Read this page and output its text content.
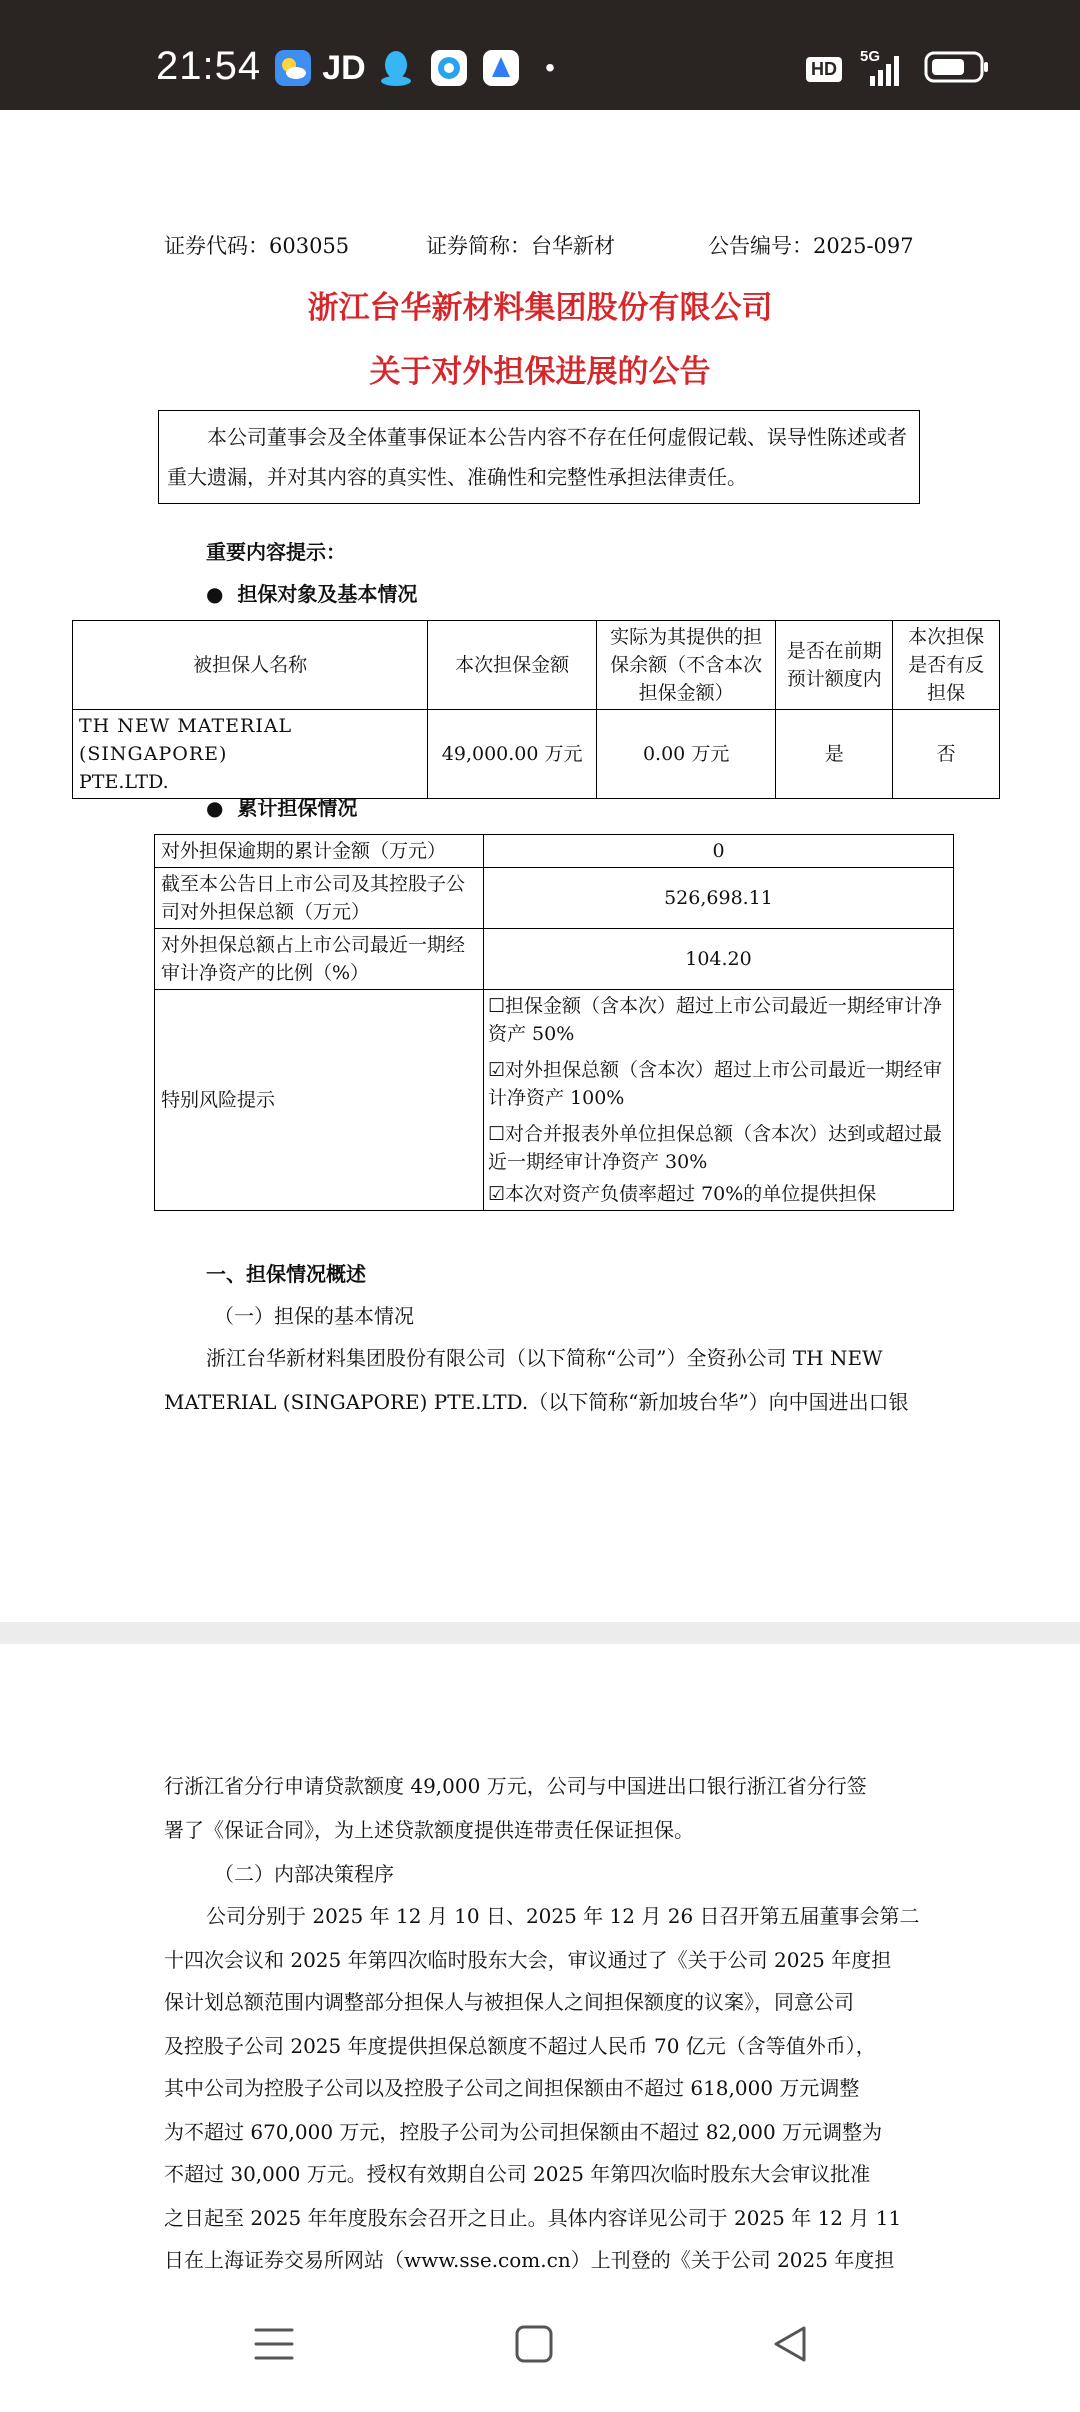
21:54 JD	•	HD
5G
证券代码：603055	证券简称：台华新材	公告编号：2025-097
浙江台华新材料集团股份有限公司
关于对外担保进展的公告
本公司董事会及全体董事保证本公告内容不存在任何虚假记载、误导性陈述或者重大遗漏，并对其内容的真实性、准确性和完整性承担法律责任。
重要内容提示：
●  担保对象及基本情况
被担保人名称	本次担保金额	实际为其提供的担保余额（不含本次担保金额）	是否在前期预计额度内	本次担保是否有反担保

TH NEW MATERIAL (SINGAPORE)
PTE.LTD.	49,000.00 万元	0.00 万元	是	否
●  累计担保情况
对外担保逾期的累计金额（万元）	0
截至本公告日上市公司及其控股子公司对外担保总额（万元）	526,698.11
对外担保总额占上市公司最近一期经审计净资产的比例（%）	104.20
特别风险提示	☐担保金额（含本次）超过上市公司最近一期经审计净资产 50%
☑对外担保总额（含本次）超过上市公司最近一期经审计净资产 100%
☐对合并报表外单位担保总额（含本次）达到或超过最近一期经审计净资产 30%
☑本次对资产负债率超过 70%的单位提供担保
一、担保情况概述
（一）担保的基本情况
浙江台华新材料集团股份有限公司（以下简称“公司”）全资孙公司 TH NEW
MATERIAL (SINGAPORE) PTE.LTD.（以下简称“新加坡台华”）向中国进出口银
行浙江省分行申请贷款额度 49,000 万元，公司与中国进出口银行浙江省分行签
署了《保证合同》，为上述贷款额度提供连带责任保证担保。
（二）内部决策程序
公司分别于 2025 年 12 月 10 日、2025 年 12 月 26 日召开第五届董事会第二
十四次会议和 2025 年第四次临时股东大会，审议通过了《关于公司 2025 年度担
保计划总额范围内调整部分担保人与被担保人之间担保额度的议案》，同意公司
及控股子公司 2025 年度提供担保总额度不超过人民币 70 亿元（含等值外币），
其中公司为控股子公司以及控股子公司之间担保额由不超过 618,000 万元调整
为不超过 670,000 万元，控股子公司为公司担保额由不超过 82,000 万元调整为
不超过 30,000 万元。授权有效期自公司 2025 年第四次临时股东大会审议批准
之日起至 2025 年年度股东会召开之日止。具体内容详见公司于 2025 年 12 月 11
日在上海证券交易所网站（www.sse.com.cn）上刊登的《关于公司 2025 年度担
